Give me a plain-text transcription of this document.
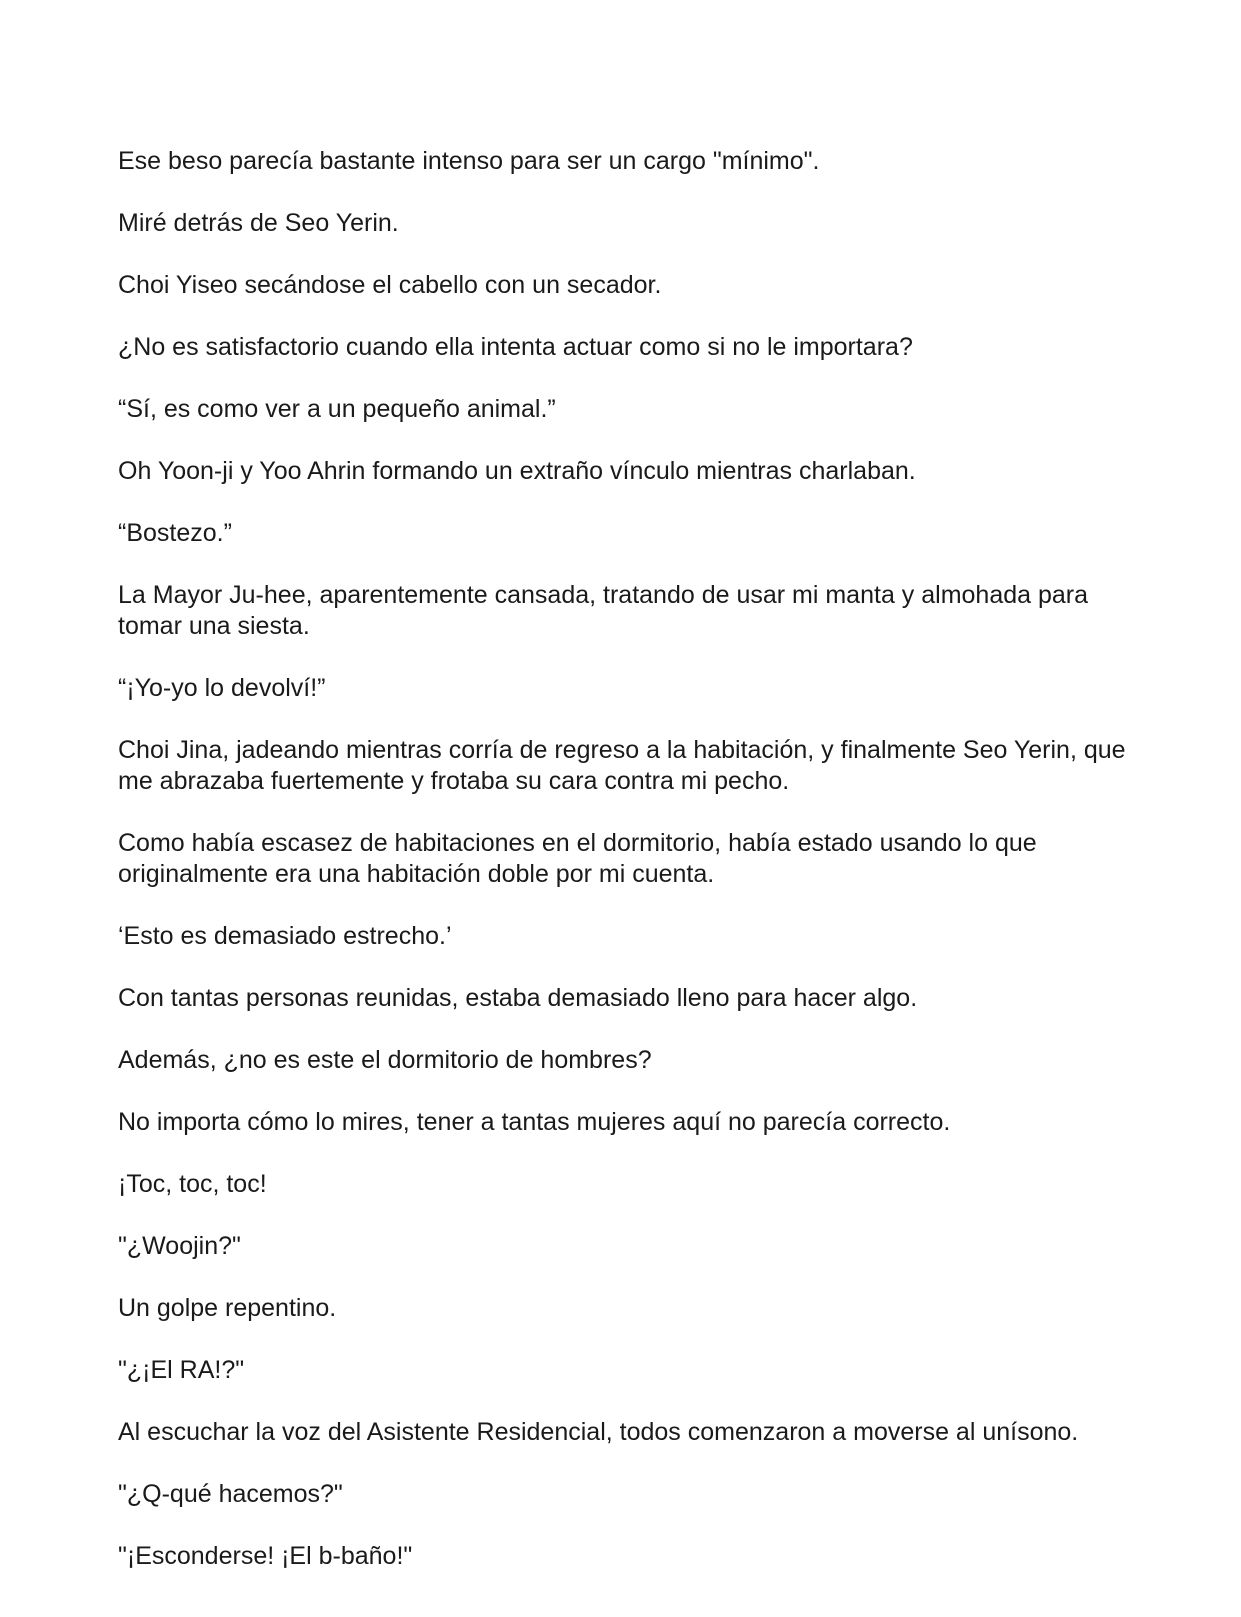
Ese beso parecía bastante intenso para ser un cargo "mínimo".

Miré detrás de Seo Yerin.

Choi Yiseo secándose el cabello con un secador.

¿No es satisfactorio cuando ella intenta actuar como si no le importara?

“Sí, es como ver a un pequeño animal.”

Oh Yoon-ji y Yoo Ahrin formando un extraño vínculo mientras charlaban.

“Bostezo.”

La Mayor Ju-hee, aparentemente cansada, tratando de usar mi manta y almohada para tomar una siesta.

“¡Yo-yo lo devolví!”

Choi Jina, jadeando mientras corría de regreso a la habitación, y finalmente Seo Yerin, que me abrazaba fuertemente y frotaba su cara contra mi pecho.

Como había escasez de habitaciones en el dormitorio, había estado usando lo que originalmente era una habitación doble por mi cuenta.

‘Esto es demasiado estrecho.’

Con tantas personas reunidas, estaba demasiado lleno para hacer algo.

Además, ¿no es este el dormitorio de hombres?

No importa cómo lo mires, tener a tantas mujeres aquí no parecía correcto.

¡Toc, toc, toc!

"¿Woojin?"

Un golpe repentino.

"¿¡El RA!?"

Al escuchar la voz del Asistente Residencial, todos comenzaron a moverse al unísono.

"¿Q-qué hacemos?"

"¡Esconderse! ¡El b-baño!"
